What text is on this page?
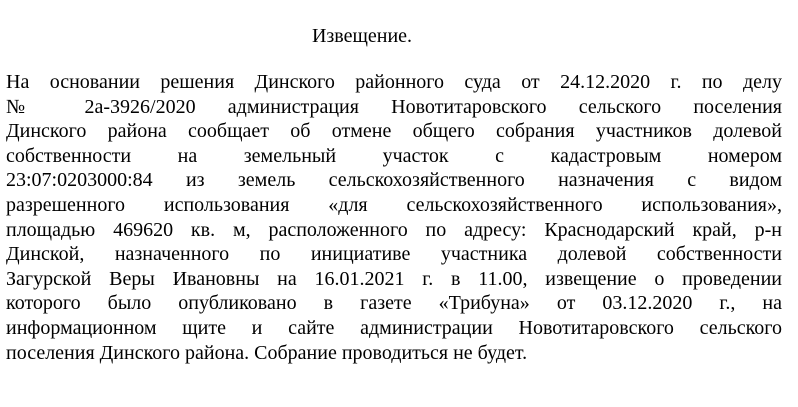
Извещение.
На основании решения Динского районного суда от 24.12.2020 г. по делу
№ 2а-3926/2020 администрация Новотитаровского сельского поселения
Динского района сообщает об отмене общего собрания участников долевой
собственности на земельный участок с кадастровым номером
23:07:0203000:84 из земель сельскохозяйственного назначения с видом
разрешенного использования «для сельскохозяйственного использования»,
площадью 469620 кв. м, расположенного по адресу: Краснодарский край, р-н
Динской, назначенного по инициативе участника долевой собственности
Загурской Веры Ивановны на 16.01.2021 г. в 11.00, извещение о проведении
которого было опубликовано в газете «Трибуна» от 03.12.2020 г., на
информационном щите и сайте администрации Новотитаровского сельского
поселения Динского района. Собрание проводиться не будет.
